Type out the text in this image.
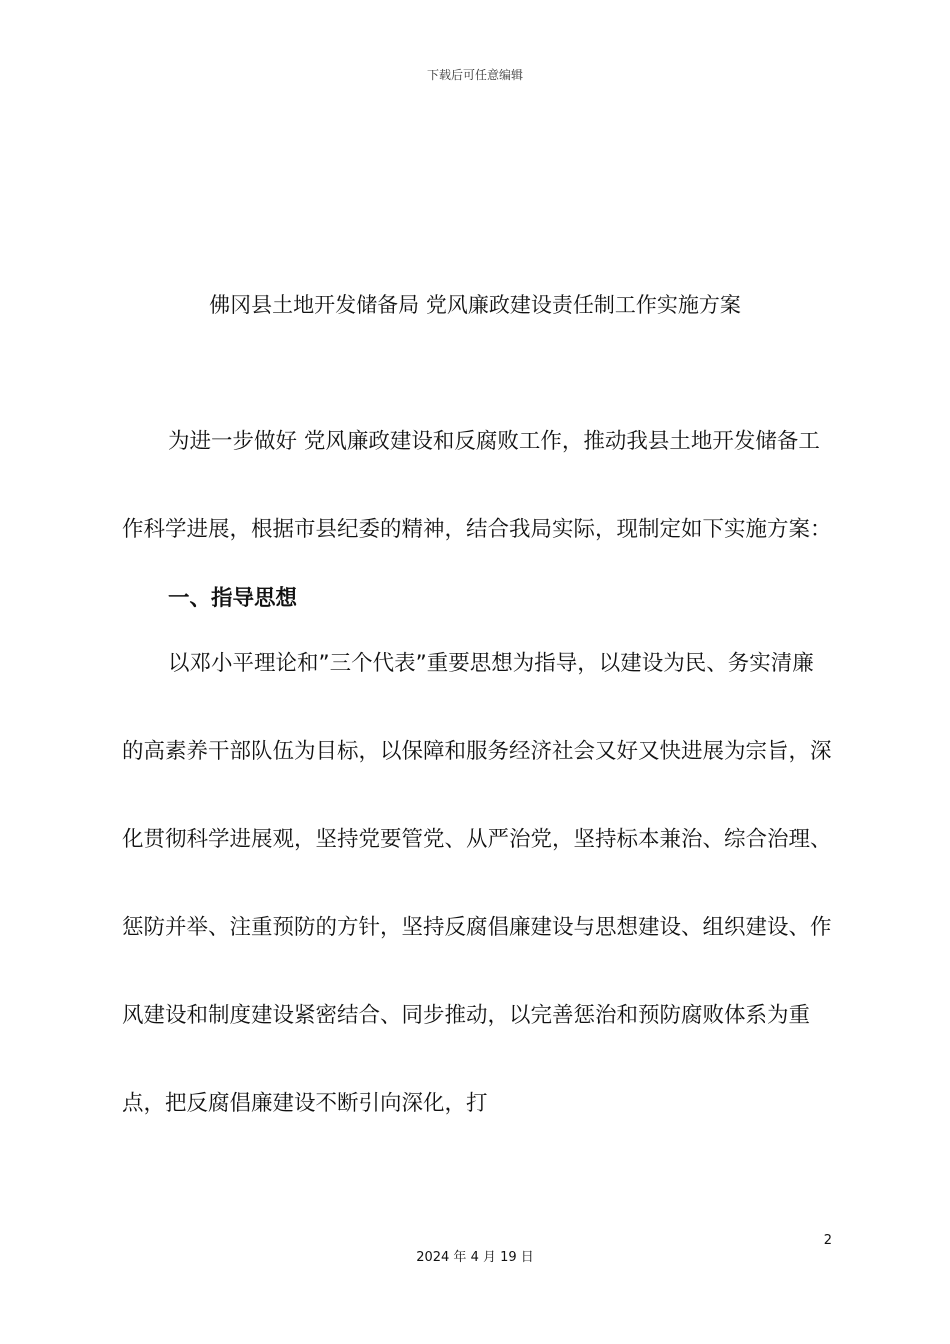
下载后可任意编辑
佛冈县土地开发储备局 党风廉政建设责任制工作实施方案

为进一步做好 党风廉政建设和反腐败工作，推动我县土地开发储备工作科学进展，根据市县纪委的精神，结合我局实际，现制定如下实施方案：

一、指导思想

以邓小平理论和”三个代表”重要思想为指导，以建设为民、务实清廉的高素养干部队伍为目标，以保障和服务经济社会又好又快进展为宗旨，深化贯彻科学进展观，坚持党要管党、从严治党，坚持标本兼治、综合治理、惩防并举、注重预防的方针，坚持反腐倡廉建设与思想建设、组织建设、作风建设和制度建设紧密结合、同步推动，以完善惩治和预防腐败体系为重点，把反腐倡廉建设不断引向深化，打

2
2024 年 4 月 19 日
